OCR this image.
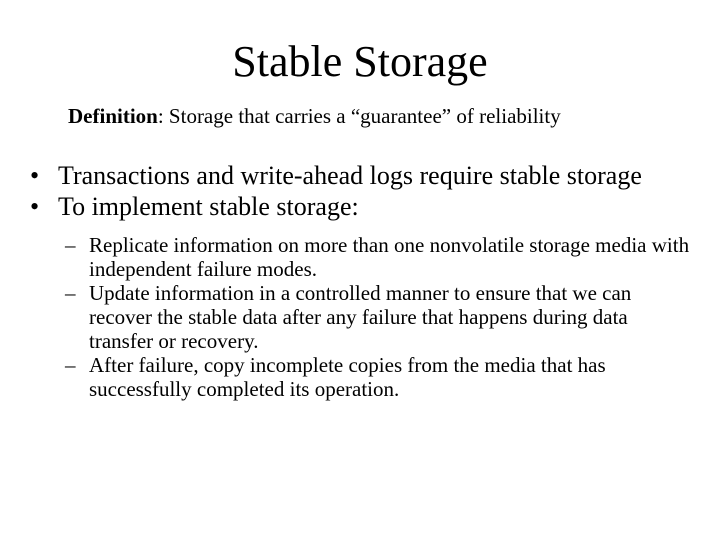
Stable Storage
Definition: Storage that carries a “guarantee” of reliability
• Transactions and write-ahead logs require stable storage
• To implement stable storage:
– Replicate information on more than one nonvolatile storage media with independent failure modes.
– Update information in a controlled manner to ensure that we can recover the stable data after any failure that happens during data transfer or recovery.
– After failure, copy incomplete copies from the media that has successfully completed its operation.
